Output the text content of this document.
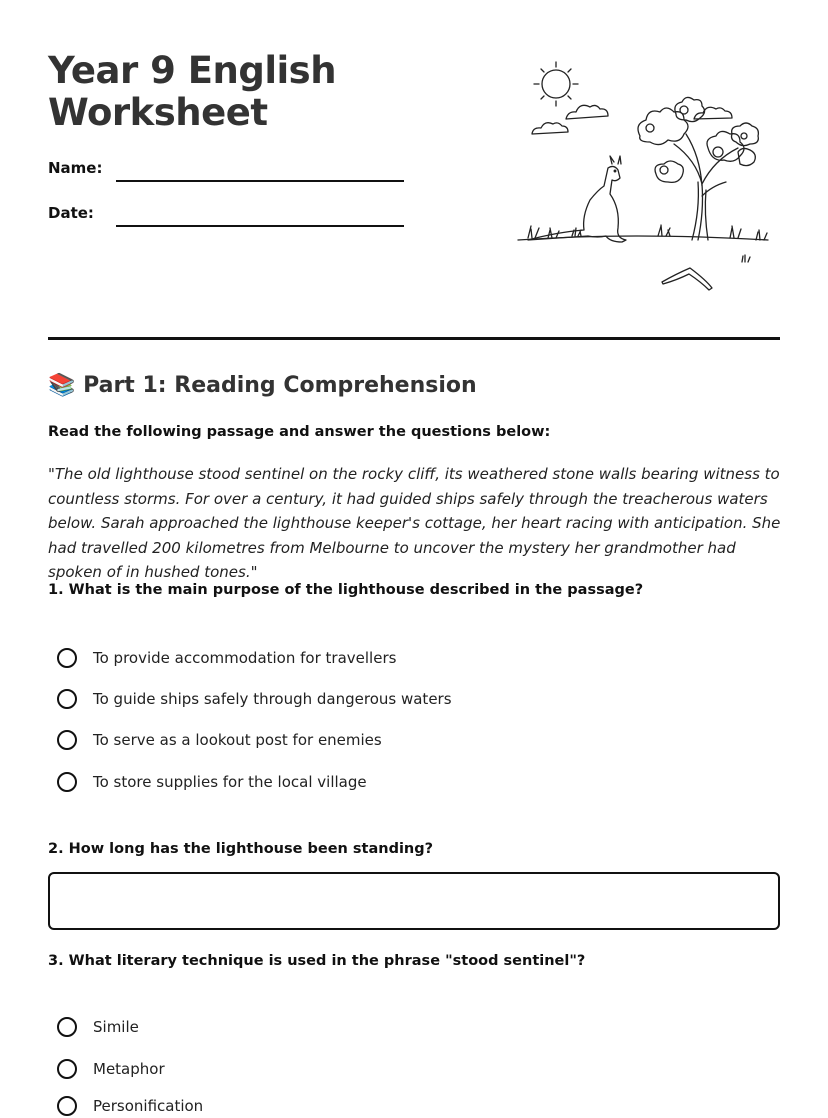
Year 9 English Worksheet
Name:
Date:
📚 Part 1: Reading Comprehension
Read the following passage and answer the questions below:

"The old lighthouse stood sentinel on the rocky cliff, its weathered stone walls bearing witness to countless storms. For over a century, it had guided ships safely through the treacherous waters below. Sarah approached the lighthouse keeper's cottage, her heart racing with anticipation. She had travelled 200 kilometres from Melbourne to uncover the mystery her grandmother had spoken of in hushed tones."

1. What is the main purpose of the lighthouse described in the passage?
To provide accommodation for travellers
To guide ships safely through dangerous waters
To serve as a lookout post for enemies
To store supplies for the local village
2. How long has the lighthouse been standing?
3. What literary technique is used in the phrase "stood sentinel"?
Simile
Metaphor
Personification
